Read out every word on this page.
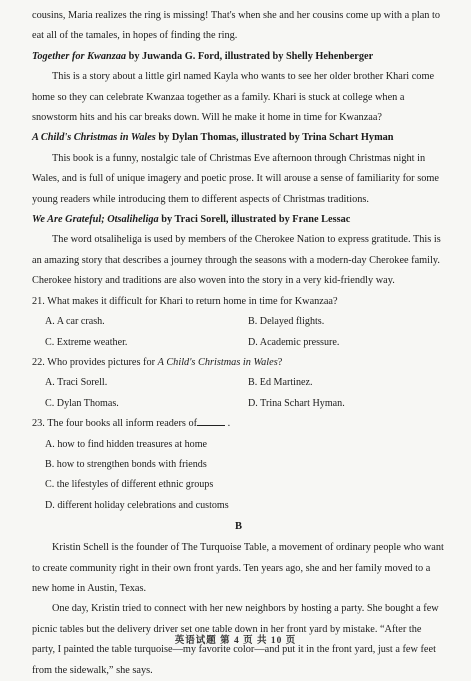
cousins, Maria realizes the ring is missing! That's when she and her cousins come up with a plan to eat all of the tamales, in hopes of finding the ring.

Together for Kwanzaa by Juwanda G. Ford, illustrated by Shelly Hehenberger

This is a story about a little girl named Kayla who wants to see her older brother Khari come home so they can celebrate Kwanzaa together as a family. Khari is stuck at college when a snowstorm hits and his car breaks down. Will he make it home in time for Kwanzaa?

A Child's Christmas in Wales by Dylan Thomas, illustrated by Trina Schart Hyman

This book is a funny, nostalgic tale of Christmas Eve afternoon through Christmas night in Wales, and is full of unique imagery and poetic prose. It will arouse a sense of familiarity for some young readers while introducing them to different aspects of Christmas traditions.

We Are Grateful; Otsaliheliga by Traci Sorell, illustrated by Frane Lessac

The word otsaliheliga is used by members of the Cherokee Nation to express gratitude. This is an amazing story that describes a journey through the seasons with a modern-day Cherokee family. Cherokee history and traditions are also woven into the story in a very kid-friendly way.

21. What makes it difficult for Khari to return home in time for Kwanzaa?
A. A car crash.	B. Delayed flights.
C. Extreme weather.	D. Academic pressure.
22. Who provides pictures for A Child's Christmas in Wales?
A. Traci Sorell.	B. Ed Martinez.
C. Dylan Thomas.	D. Trina Schart Hyman.
23. The four books all inform readers of	.
A. how to find hidden treasures at home
B. how to strengthen bonds with friends
C. the lifestyles of different ethnic groups
D. different holiday celebrations and customs
B

Kristin Schell is the founder of The Turquoise Table, a movement of ordinary people who want to create community right in their own front yards. Ten years ago, she and her family moved to a new home in Austin, Texas.

One day, Kristin tried to connect with her new neighbors by hosting a party. She bought a few picnic tables but the delivery driver set one table down in her front yard by mistake. “After the party, I painted the table turquoise—my favorite color—and put it in the front yard, just a few feet from the sidewalk,” she says.

英语试题 第 4 页 共 10 页
